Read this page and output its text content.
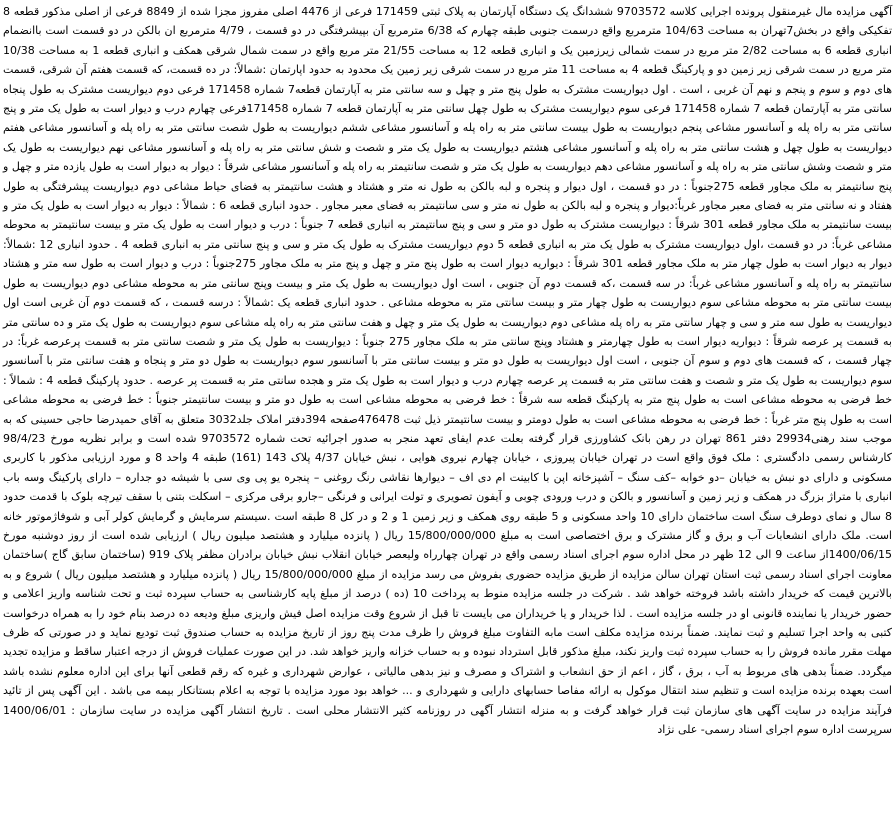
آگهی مزایده مال غیرمنقول پرونده اجرایی کلاسه 9703572 ششدانگ یک دستگاه آپارتمان به پلاک ثبتی 171459 فرعی از 4476 اصلی مفروز مجزا شده از 8849 فرعی از اصلی مذکور قطعه 8 تفکیکی واقع در بخش7تهران به مساحت 104/63 مترمربع واقع درسمت جنوبی طبقه چهارم که 6/38 مترمربع آن بپیشرفتگی در دو قسمت ، 4/79 مترمربع ان بالکن در دو قسمت است باانضمام انباری قطعه 6 به مساحت 2/82 متر مربع در سمت شمالی زیرزمین یک و انباری قطعه 12 به مساحت 21/55 متر مربع واقع در سمت شمال شرقی همکف و انباری قطعه 1 به مساحت 10/38 متر مربع در سمت شرقی زیر زمین دو و پارکینگ قطعه 4 به مساحت 11 متر مربع در سمت شرقی زیر زمین یک محدود به حدود اپارتمان :شمالاً: در ده قسمت، که قسمت هفتم آن شرقی، قسمت های دوم و سوم و پنجم و نهم آن غربی ، است . اول دیواریست مشترک به طول پنج متر و چهل و سه سانتی متر به آپارتمان قطعه7 شماره 171458 فرعی دوم دیواریست مشترک به طول پنجاه سانتی متر به آپارتمان قطعه 7 شماره 171458 فرعی سوم دیواریست مشترک به طول چهل سانتی متر به آپارتمان قطعه 7 شماره 171458فرعی چهارم درب و دیوار است به طول یک متر و پنج سانتی متر به راه پله و آسانسور مشاعی پنجم دیواریست به طول بیست سانتی متر به راه پله و آسانسور مشاعی ششم دیواریست به طول شصت سانتی متر به راه پله و آسانسور مشاعی هفتم دیواریست به طول چهل و هشت سانتی متر به راه پله و آسانسور مشاعی هشتم دیواریست به طول یک متر و شصت و شش سانتی متر به راه پله و آسانسور مشاعی نهم دیواریست به طول یک متر و شصت وشش سانتی متر به راه پله و آسانسور مشاعی دهم دیواریست به طول یک متر و شصت سانتیمتر به راه پله و آسانسور مشاعی شرقاً : دیوار به دیوار است به طول یازده متر و چهل و پنج سانتیمتر به ملک مجاور قطعه 275جنوباً : در دو قسمت ، اول دیوار و پنجره و لبه بالکن به طول نه متر و هشتاد و هشت سانتیمتر به فضای حیاط مشاعی دوم دیواریست پیشرفتگی به طول هفتاد و نه سانتی متر به فضای معبر مجاور غرباً:دیوار و پنجره و لبه بالکن به طول نه متر و سی سانتیمتر به فضای معبر مجاور . حدود انباری قطعه 6 : شمالاً : دیوار به دیوار است به طول یک متر و بیست سانتیمتر به ملک مجاور قطعه 301 شرقاً : دیواریست مشترک به طول دو متر و سی و پنج سانتیمتر به انباری قطعه 7 جنوباً : درب و دیوار است به طول یک متر و بیست سانتیمتر به محوطه مشاعی غرباً: در دو قسمت ،اول دیواریست مشترک به طول یک متر به انباری قطعه 5 دوم دیواریست مشترک به طول یک متر و سی و پنج سانتی متر به انباری قطعه 4 . حدود انباری 12 :شمالاً: دیوار به دیوار است به طول چهار متر به ملک مجاور قطعه 301 شرقاً : دیواریه دیوار است به طول پنج متر و چهل و پنج متر به ملک مجاور 275جنوباً : درب و دیوار است به طول سه متر و هشتاد سانتیمتر به راه پله و آسانسور مشاعی غرباً: در سه قسمت ،که قسمت دوم آن جنوبی ، است اول دیواریست به طول یک متر و بیست وپنج سانتی متر به محوطه مشاعی دوم دیواریست به طول بیست سانتی متر به محوطه مشاعی سوم دیواریست به طول چهار متر و بیست سانتی متر به محوطه مشاعی . حدود انباری قطعه یک :شمالاً : درسه قسمت ، که قسمت دوم آن غربی است اول دیواریست به طول سه متر و سی و چهار سانتی متر به راه پله مشاعی دوم دیواریست به طول یک متر و چهل و هفت سانتی متر به راه پله مشاعی سوم دیواریست به طول یک متر و ده سانتی متر به قسمت پر عرصه شرقاً : دیواریه دیوار است به طول چهارمتر و هشتاد وپنج سانتی متر به ملک مجاور 275 جنوباً : دیواریست به طول یک متر و شصت سانتی متر به قسمت پرعرصه غرباً: در چهار قسمت ، که قسمت های دوم و سوم آن جنوبی ، است اول دیواریست به طول دو متر و بیست سانتی متر با آسانسور سوم دیواریست به طول دو متر و پنجاه و هفت سانتی متر با آسانسور سوم دیواریست به طول یک متر و شصت و هفت سانتی متر به قسمت پر عرصه چهارم درب و دیوار است به طول یک متر و هجده سانتی متر به قسمت پر عرصه . حدود پارکینگ قطعه 4 : شمالاً : خط فرضی به محوطه مشاعی است به طول پنج متر به پارکینگ قطعه سه شرقاً : خط فرضی به محوطه مشاعی است به طول دو متر و بیست سانتیمتر جنوباً : خط فرضی به محوطه مشاعی است به طول پنج متر غرباً : خط فرضی به محوطه مشاعی است به طول دومتر و بیست سانتیمتر ذیل ثبت 476478صفحه 394دفتر املاک جلد3032 متعلق به آقای حمیدرضا حاجی حسینی که به موجب سند رهنی29934 دفتر 861 تهران در رهن بانک کشاورزی قرار گرفته بعلت عدم ایفای تعهد منجر به صدور اجرائیه تحت شماره 9703572 شده است و برابر نظریه مورخ 98/4/23 کارشناس رسمی دادگستری : ملک فوق واقع است در تهران خیابان پیروزی ، خیابان چهارم نیروی هوایی ، نبش خیابان 4/37 پلاک 143 (161) طبقه 4 واحد 8 و مورد ارزیابی مذکور با کاربری مسکونی و دارای دو نبش به خیابان –دو خوابه –کف سنگ – آشپزخانه اپن با کابینت ام دی اف – دیوارها نقاشی رنگ روغنی – پنجره یو پی وی سی با شیشه دو جداره – دارای پارکینگ وسه باب انباری با متراژ بزرگ در همکف و زیر زمین و آسانسور و بالکن و درب ورودی چوبی و آیفون تصویری و تولت ایرانی و فرنگی –جارو برقی مرکزی – اسکلت بتنی با سقف تیرچه بلوک با قدمت حدود 8 سال و نمای دوطرف سنگ است ساختمان دارای 10 واحد مسکونی و 5 طبقه روی همکف و زیر زمین 1 و 2 و در کل 8 طبقه است .سیستم سرمایش و گرمایش کولر آبی و شوفاژموتور خانه است. ملک دارای انشعابات آب و برق و گاز مشترک و برق اختصاصی است به مبلغ 15/800/000/000 ریال ( پانزده میلیارد و هشتصد میلیون ریال ) ارزیابی شده است از روز دوشنبه مورخ 1400/06/15از ساعت 9 الی 12 ظهر در محل اداره سوم اجرای اسناد رسمی واقع در تهران چهارراه ولیعصر خیابان انقلاب نبش خیابان برادران مظفر پلاک 919 (ساختمان سابق گاج )ساختمان معاونت اجرای اسناد رسمی ثبت استان تهران سالن مزایده از طریق مزایده حضوری بفروش می رسد مزایده از مبلغ 15/800/000/000 ریال ( پانزده میلیارد و هشتصد میلیون ریال ) شروع و به بالاترین قیمت که خریدار داشته باشد فروخته خواهد شد . شرکت در جلسه مزایده منوط به پرداخت 10 (ده ) درصد از مبلغ پایه کارشناسی به حساب سپرده ثبت و تحت شناسه واریز اعلامی و حضور خریدار یا نماینده قانونی او در جلسه مزایده است . لذا خریدار و یا خریداران می بایست تا قبل از شروع وقت مزایده اصل فیش واریزی مبلغ ودیعه ده درصد بنام خود را به همراه درخواست کتبی به واحد اجرا تسلیم و ثبت نمایند. ضمناً برنده مزایده مکلف است مابه التفاوت مبلغ فروش را ظرف مدت پنج روز از تاریخ مزایده به حساب صندوق ثبت تودیع نماید و در صورتی که ظرف مهلت مقرر مانده فروش را به حساب سپرده ثبت واریز نکند، مبلغ مذکور قابل استرداد نبوده و به حساب خزانه واریز خواهد شد. در این صورت عملیات فروش از درجه اعتبار ساقط و مزایده تجدید میگردد. ضمناً بدهی های مربوط به آب ، برق ، گاز ، اعم از حق انشعاب و اشتراک و مصرف و نیز بدهی مالیاتی ، عوارض شهرداری و غیره که رقم قطعی آنها برای این اداره معلوم نشده باشد است بعهده برنده مزایده است و تنظیم سند انتقال موکول به ارائه مفاصا حسابهای دارایی و شهرداری و ... خواهد بود مورد مزایده با توجه به اعلام بستانکار بیمه می باشد . این آگهی پس از تائید فرآیند مزایده در سایت آگهی های سازمان ثبت قرار خواهد گرفت و به منزله انتشار آگهی در روزنامه کثیر الانتشار محلی است . تاریخ انتشار آگهی مزایده در سایت سازمان : 1400/06/01 سرپرست اداره سوم اجرای اسناد رسمی- علی نژاد
